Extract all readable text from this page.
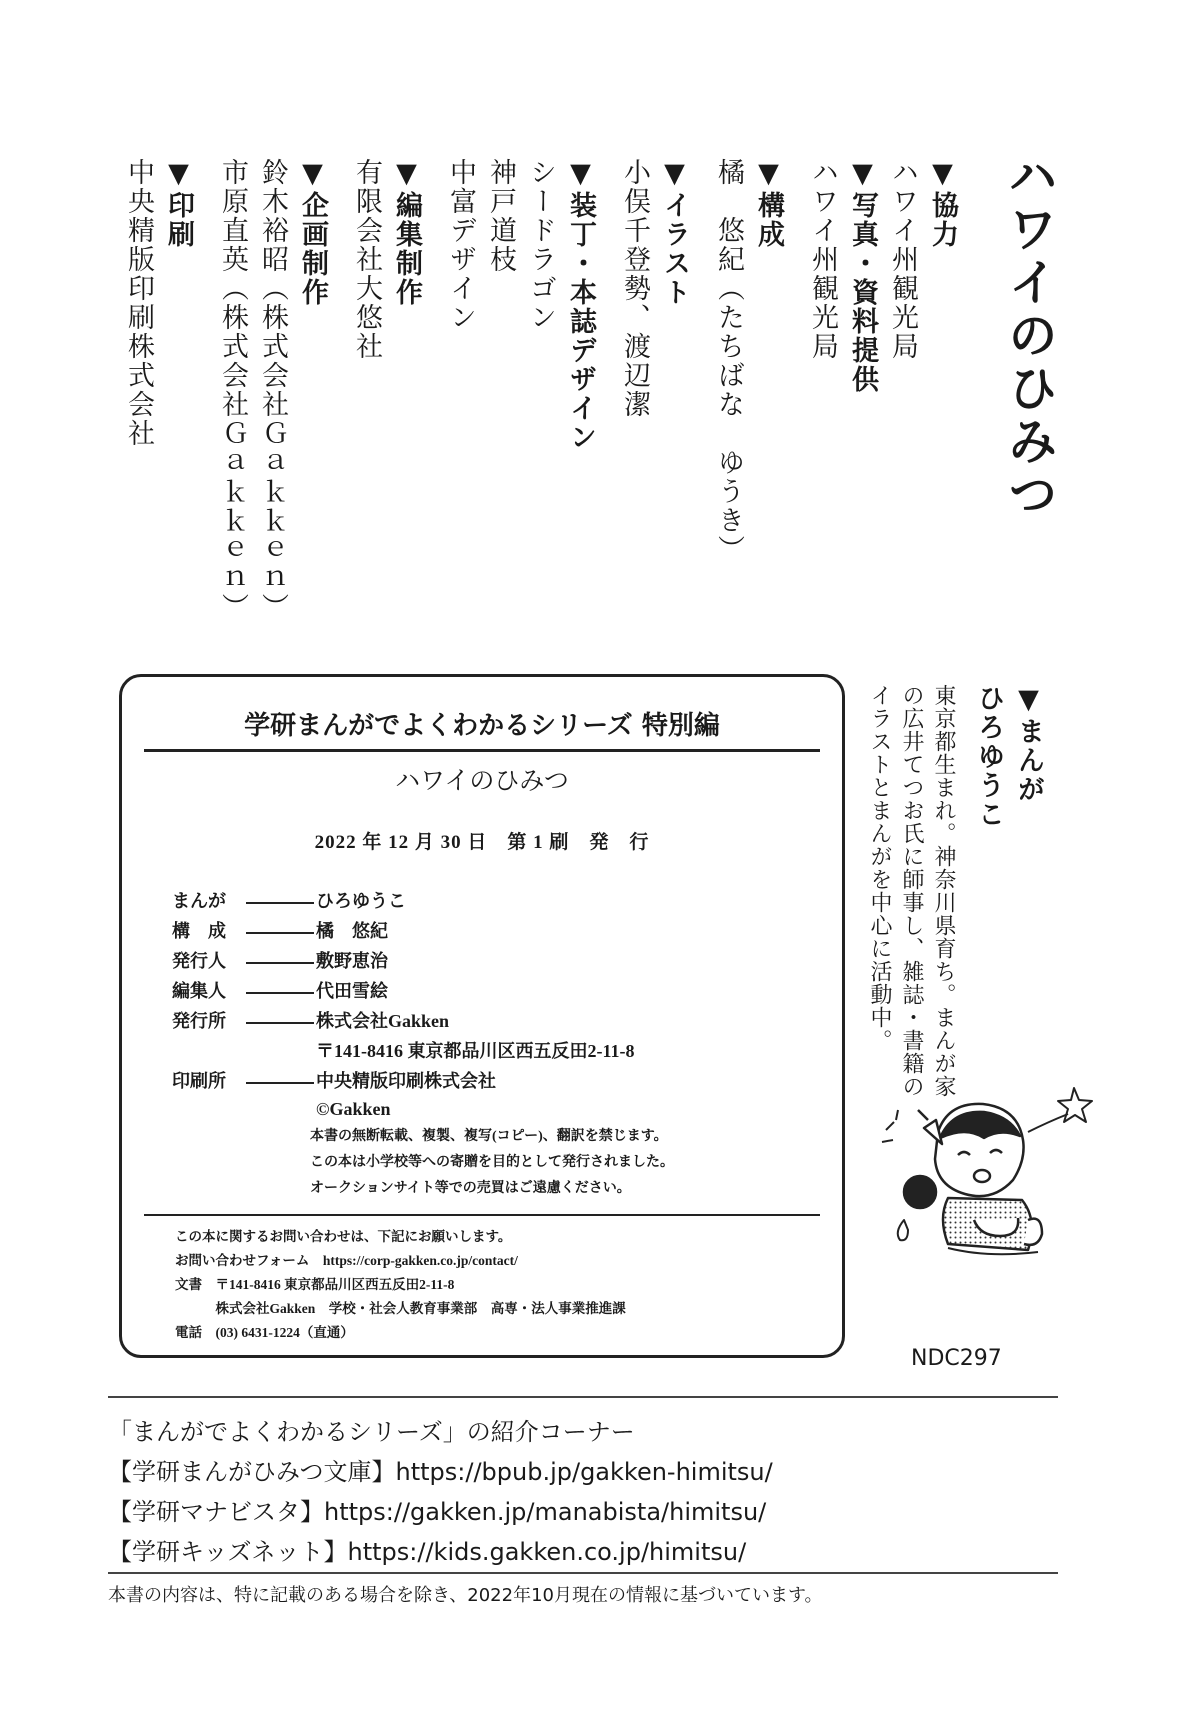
ハワイのひみつ
▼協力
ハワイ州観光局
▼写真・資料提供
ハワイ州観光局
▼構成
橘　悠紀（たちばな　ゆうき）
▼イラスト
小俣千登勢、渡辺潔
▼装丁・本誌デザイン
シードラゴン
神戸道枝
中富デザイン
▼編集制作
有限会社大悠社
▼企画制作
鈴木裕昭（株式会社Ｇａｋｋｅｎ）
市原直英（株式会社Ｇａｋｋｅｎ）
▼印刷
中央精版印刷株式会社
▼まんが
ひろゆうこ
東京都生まれ。神奈川県育ち。まんが家
の広井てつお氏に師事し、雑誌・書籍の
イラストとまんがを中心に活動中。
学研まんがでよくわかるシリーズ 特別編
ハワイのひみつ
2022 年 12 月 30 日　第 1 刷　発　行
まんが	ひろゆうこ
構　成	橘　悠紀
発行人	敷野恵治
編集人	代田雪絵
発行所	株式会社Gakken
〒141-8416 東京都品川区西五反田2-11-8
印刷所	中央精版印刷株式会社
©Gakken
本書の無断転載、複製、複写(コピー)、翻訳を禁じます。
この本は小学校等への寄贈を目的として発行されました。
オークションサイト等での売買はご遠慮ください。
この本に関するお問い合わせは、下記にお願いします。
お問い合わせフォーム　https://corp-gakken.co.jp/contact/
文書　〒141-8416 東京都品川区西五反田2-11-8
　　　株式会社Gakken　学校・社会人教育事業部　高専・法人事業推進課
電話　(03) 6431-1224（直通）
NDC297
「まんがでよくわかるシリーズ」の紹介コーナー
【学研まんがひみつ文庫】https://bpub.jp/gakken-himitsu/
【学研マナビスタ】https://gakken.jp/manabista/himitsu/
【学研キッズネット】https://kids.gakken.co.jp/himitsu/
本書の内容は、特に記載のある場合を除き、2022年10月現在の情報に基づいています。
